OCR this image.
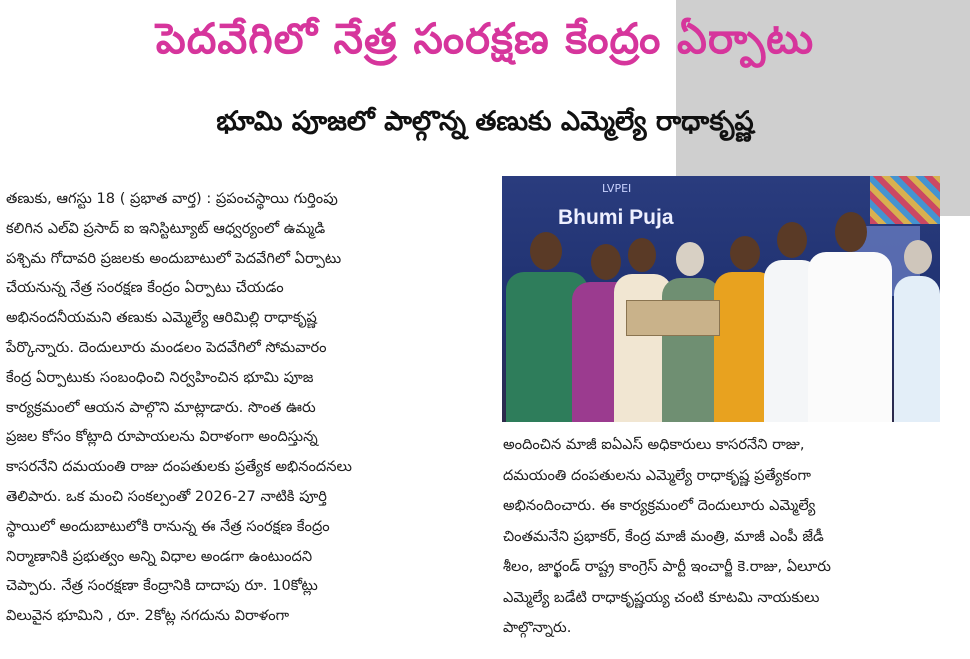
పెదవేగిలో నేత్ర సంరక్షణ కేంద్రం ఏర్పాటు
భూమి పూజలో పాల్గొన్న తణుకు ఎమ్మెల్యే రాధాకృష్ణ
తణుకు, ఆగస్టు 18 ( ప్రభాత వార్త) : ప్రపంచస్థాయి గుర్తింపు
కలిగిన ఎల్‌వి ప్రసాద్ ఐ ఇనిస్టిట్యూట్ ఆధ్వర్యంలో ఉమ్మడి
పశ్చిమ గోదావరి ప్రజలకు అందుబాటులో పెదవేగిలో ఏర్పాటు
చేయనున్న నేత్ర సంరక్షణ కేంద్రం ఏర్పాటు చేయడం
అభినందనీయమని తణుకు ఎమ్మెల్యే ఆరిమిల్లి రాధాకృష్ణ
పేర్కొన్నారు. దెందులూరు మండలం పెదవేగిలో సోమవారం
కేంద్ర ఏర్పాటుకు సంబంధించి నిర్వహించిన భూమి పూజ
కార్యక్రమంలో ఆయన పాల్గొని మాట్లాడారు. సొంత ఊరు
ప్రజల కోసం కోట్లాది రూపాయలను విరాళంగా అందిస్తున్న
కాసరనేని దమయంతి రాజు దంపతులకు ప్రత్యేక అభినందనలు
తెలిపారు. ఒక మంచి సంకల్పంతో 2026-27 నాటికి పూర్తి
స్థాయిలో అందుబాటులోకి రానున్న ఈ నేత్ర సంరక్షణ కేంద్రం
నిర్మాణానికి ప్రభుత్వం అన్ని విధాల అండగా ఉంటుందని
చెప్పారు. నేత్ర సంరక్షణా కేంద్రానికి దాదాపు రూ. 10కోట్లు
విలువైన భూమిని , రూ. 2కోట్ల నగదును విరాళంగా
LVPEI
Bhumi Puja
అందించిన మాజీ ఐఏఎస్ అధికారులు కాసరనేని రాజు,
దమయంతి దంపతులను ఎమ్మెల్యే రాధాకృష్ణ ప్రత్యేకంగా
అభినందించారు. ఈ కార్యక్రమంలో దెందులూరు ఎమ్మెల్యే
చింతమనేని ప్రభాకర్, కేంద్ర మాజీ మంత్రి, మాజీ ఎంపీ జేడీ
శీలం, జార్ఖండ్ రాష్ట్ర కాంగ్రెస్ పార్టీ ఇంచార్జీ కె.రాజు, ఏలూరు
ఎమ్మెల్యే బడేటి రాధాకృష్ణయ్య చంటి కూటమి నాయకులు
పాల్గొన్నారు.
